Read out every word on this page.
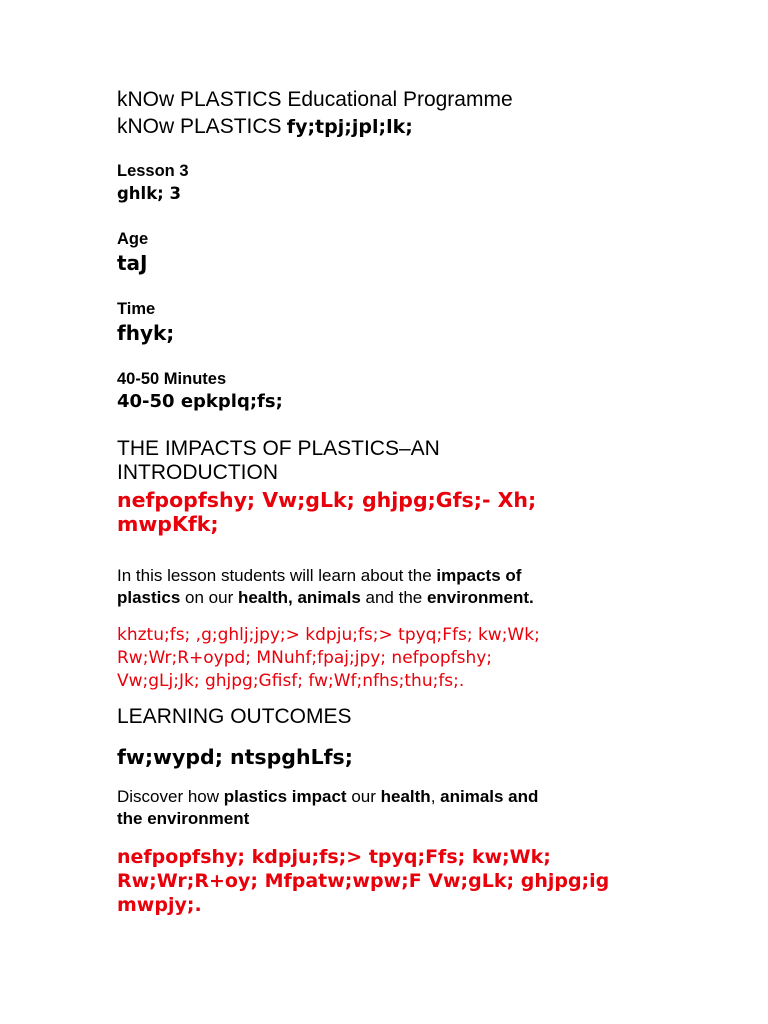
kNOw PLASTICS Educational Programme
kNOw PLASTICS fy;tpj;jpl;lk;
Lesson 3
ghlk; 3
Age
taJ
Time
fhyk;
40-50 Minutes
40-50 epkplq;fs;
THE IMPACTS OF PLASTICS–AN
INTRODUCTION
nefpopfshy; Vw;gLk; ghjpg;Gfs;- Xh;
mwpKfk;
In this lesson students will learn about the impacts of
plastics on our health, animals and the environment.
khztu;fs; ,g;ghlj;jpy;> kdpju;fs;> tpyq;Ffs; kw;Wk;
Rw;Wr;R+oypd; MNuhf;fpaj;jpy; nefpopfshy;
Vw;gLj;Jk; ghjpg;Gfisf; fw;Wf;nfhs;thu;fs;.
LEARNING OUTCOMES
fw;wypd; ntspghLfs;
Discover how plastics impact our health, animals and
the environment
nefpopfshy; kdpju;fs;> tpyq;Ffs; kw;Wk;
Rw;Wr;R+oy; Mfpatw;wpw;F Vw;gLk; ghjpg;ig
mwpjy;.
